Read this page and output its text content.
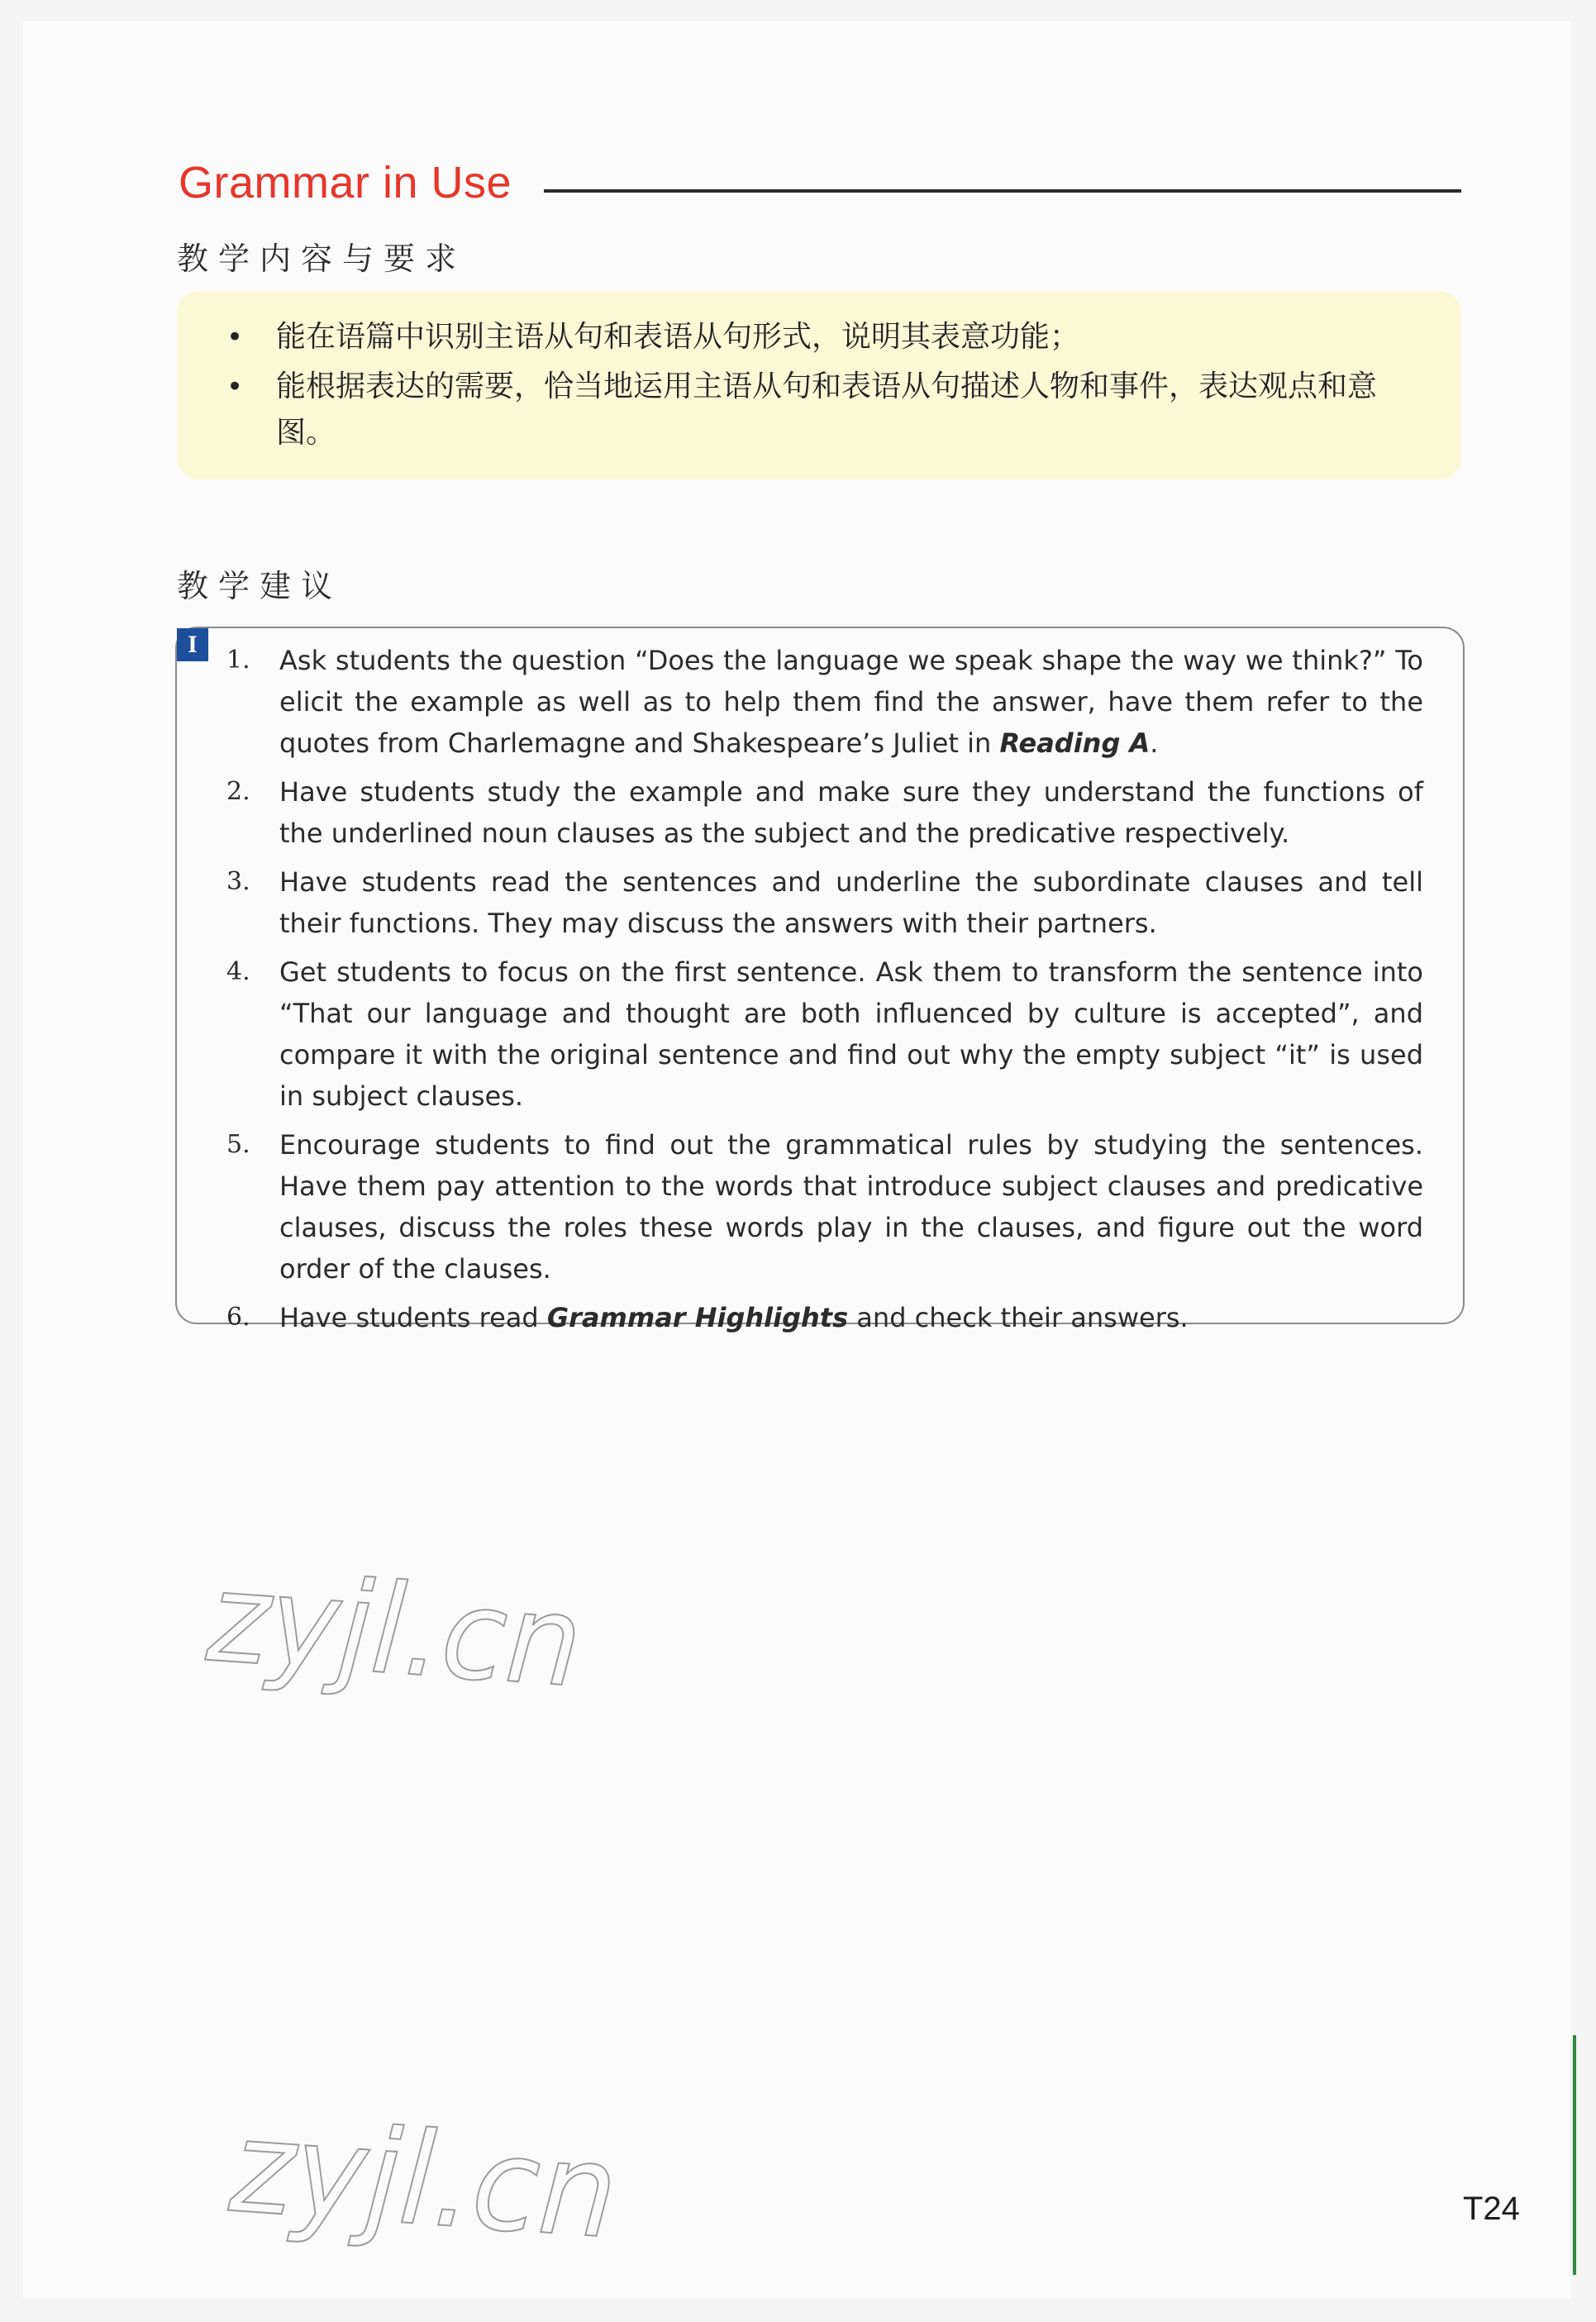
Grammar in Use
教学内容与要求
• 能在语篇中识别主语从句和表语从句形式，说明其表意功能；
• 能根据表达的需要，恰当地运用主语从句和表语从句描述人物和事件，表达观点和意图。
教学建议
I
1. Ask students the question “Does the language we speak shape the way we think?” To elicit the example as well as to help them find the answer, have them refer to the quotes from Charlemagne and Shakespeare’s Juliet in Reading A.
2. Have students study the example and make sure they understand the functions of the underlined noun clauses as the subject and the predicative respectively.
3. Have students read the sentences and underline the subordinate clauses and tell their functions. They may discuss the answers with their partners.
4. Get students to focus on the first sentence. Ask them to transform the sentence into “That our language and thought are both influenced by culture is accepted”, and compare it with the original sentence and find out why the empty subject “it” is used in subject clauses.
5. Encourage students to find out the grammatical rules by studying the sentences. Have them pay attention to the words that introduce subject clauses and predicative clauses, discuss the roles these words play in the clauses, and figure out the word order of the clauses.
6. Have students read Grammar Highlights and check their answers.
zyjl.cn
zyjl.cn	T24
